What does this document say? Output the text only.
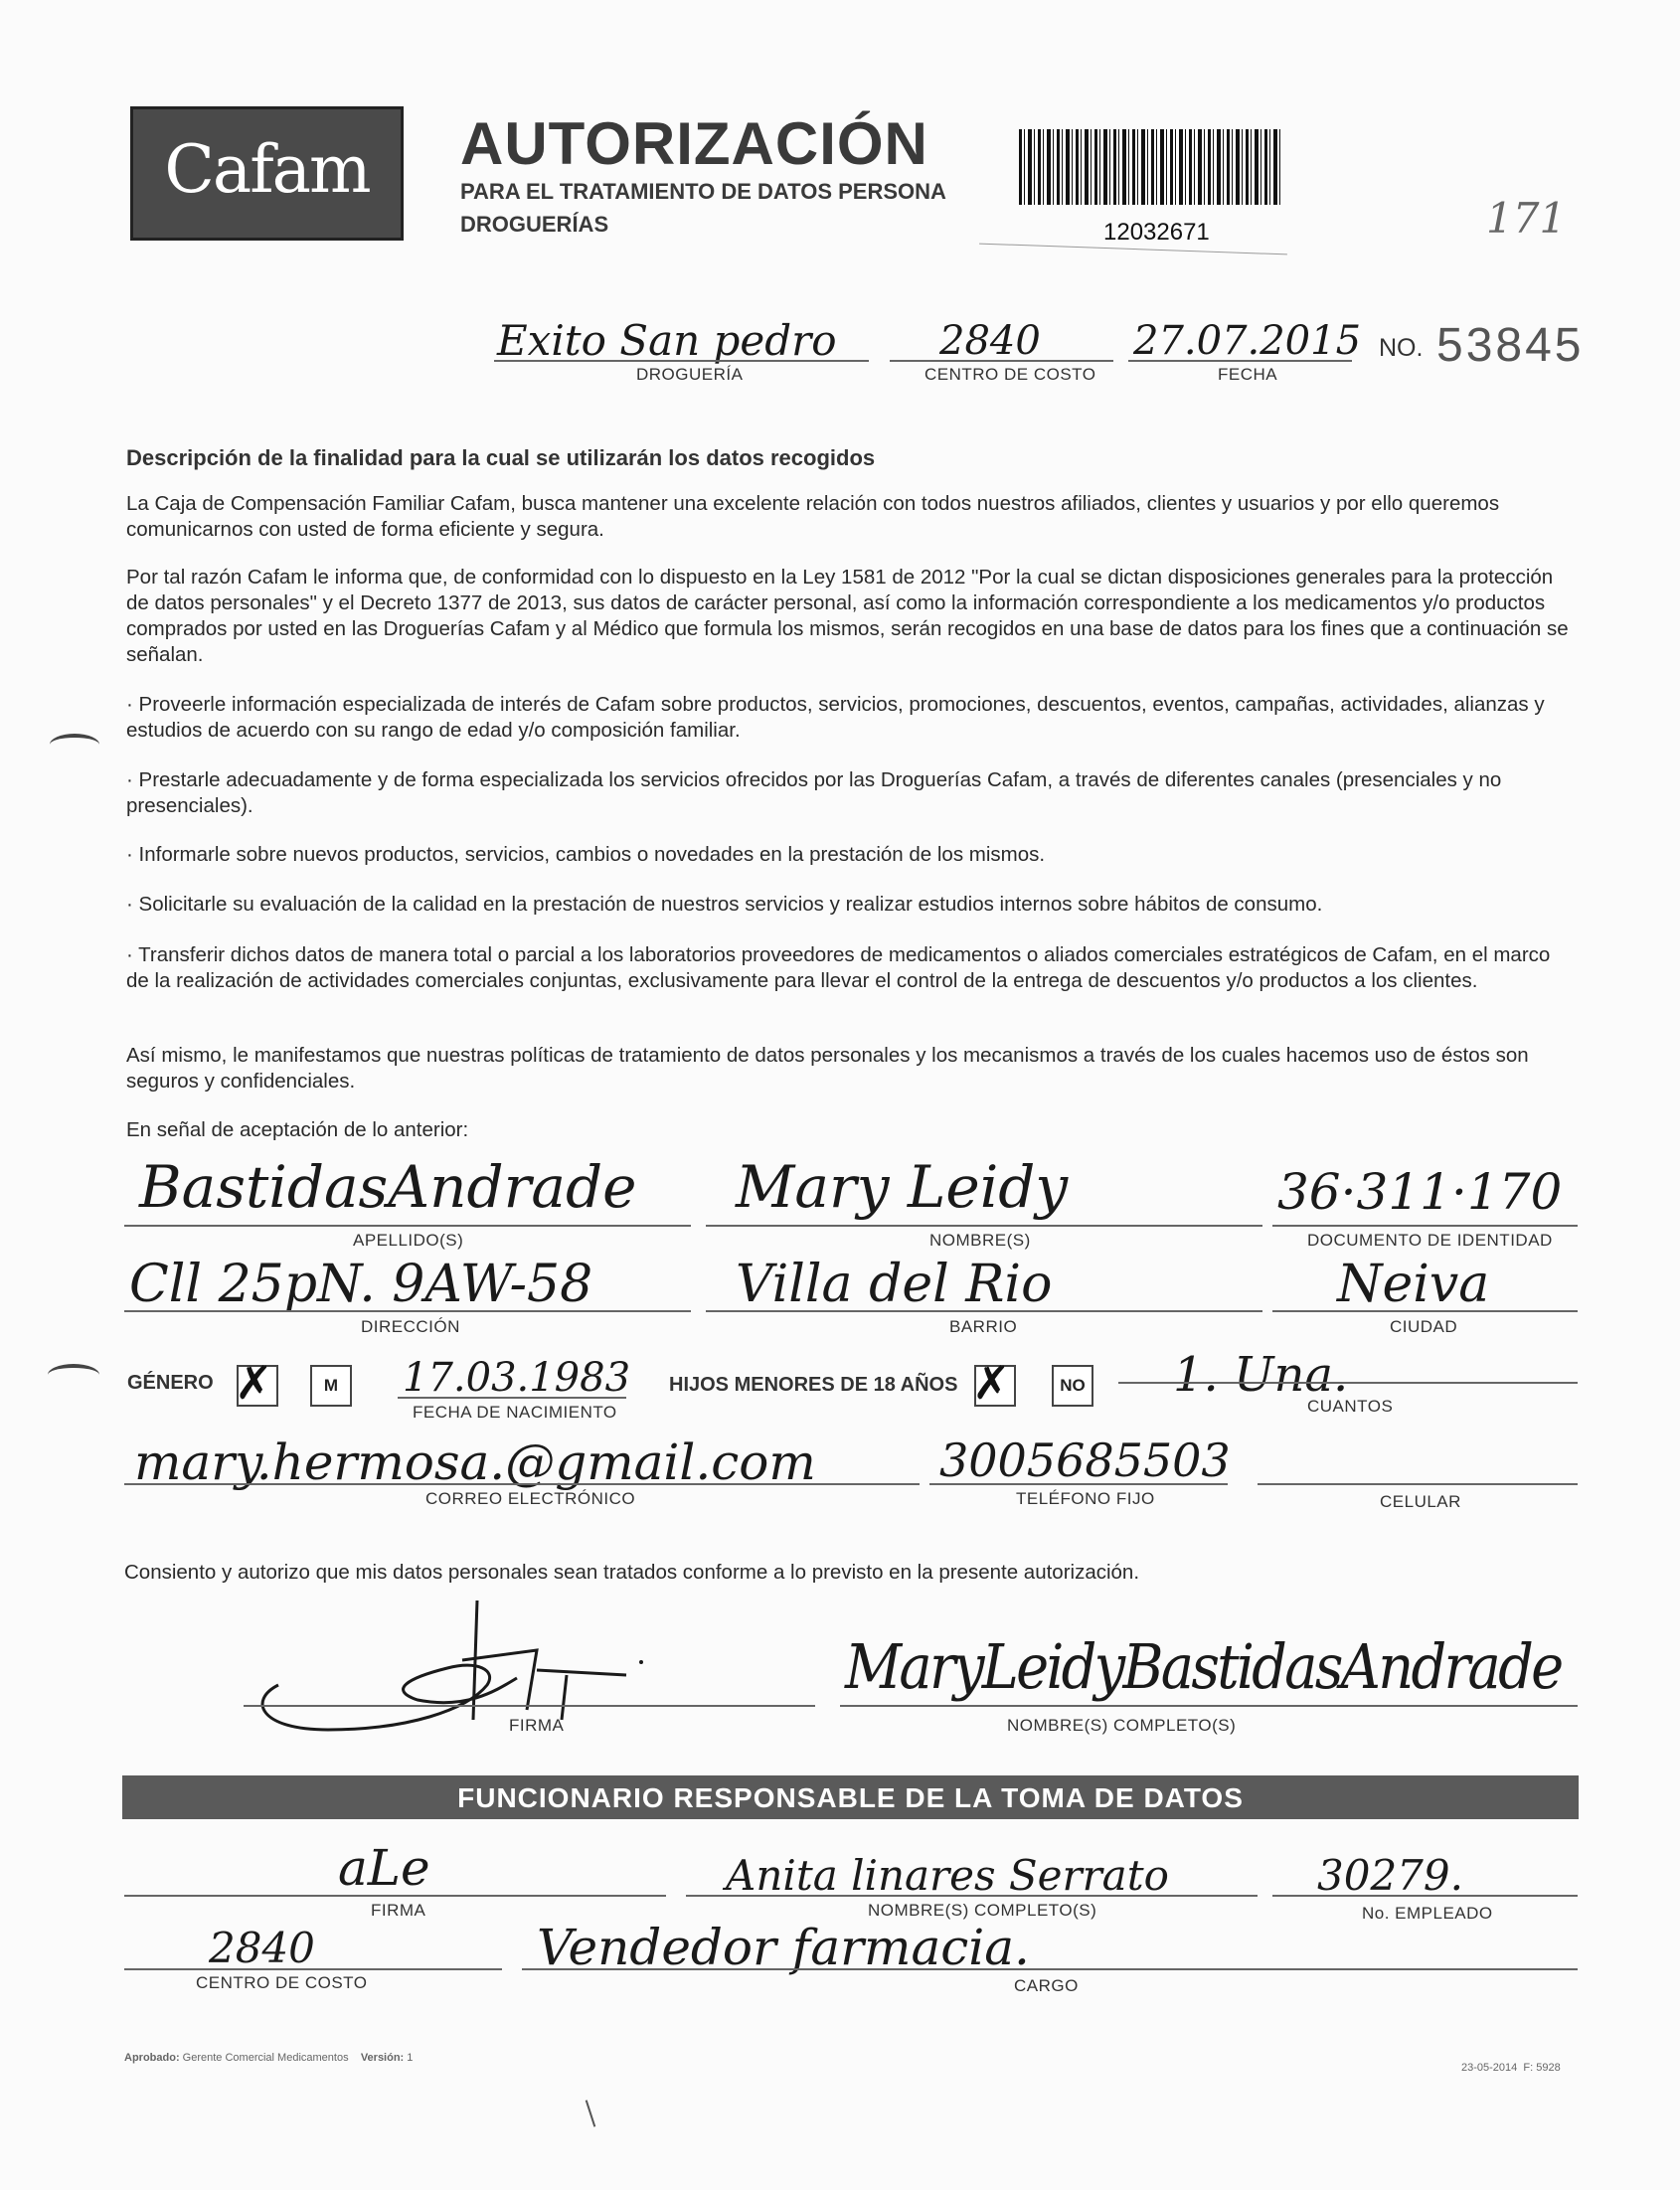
Cafam	AUTORIZACIÓN
PARA EL TRATAMIENTO DE DATOS PERSONA
DROGUERÍAS	12032671	171
Exito San pedro
DROGUERÍA
2840
CENTRO DE COSTO
27.07.2015
FECHA
NO. 53845
Descripción de la finalidad para la cual se utilizarán los datos recogidos
La Caja de Compensación Familiar Cafam, busca mantener una excelente relación con todos nuestros afiliados, clientes y usuarios y por ello queremos comunicarnos con usted de forma eficiente y segura.
Por tal razón Cafam le informa que, de conformidad con lo dispuesto en la Ley 1581 de 2012 "Por la cual se dictan disposiciones generales para la protección de datos personales" y el Decreto 1377 de 2013, sus datos de carácter personal, así como la información correspondiente a los medicamentos y/o productos comprados por usted en las Droguerías Cafam y al Médico que formula los mismos, serán recogidos en una base de datos para los fines que a continuación se señalan.
· Proveerle información especializada de interés de Cafam sobre productos, servicios, promociones, descuentos, eventos, campañas, actividades, alianzas y estudios de acuerdo con su rango de edad y/o composición familiar.
· Prestarle adecuadamente y de forma especializada los servicios ofrecidos por las Droguerías Cafam, a través de diferentes canales (presenciales y no presenciales).
· Informarle sobre nuevos productos, servicios, cambios o novedades en la prestación de los mismos.
· Solicitarle su evaluación de la calidad en la prestación de nuestros servicios y realizar estudios internos sobre hábitos de consumo.
· Transferir dichos datos de manera total o parcial a los laboratorios proveedores de medicamentos o aliados comerciales estratégicos de Cafam, en el marco de la realización de actividades comerciales conjuntas, exclusivamente para llevar el control de la entrega de descuentos y/o productos a los clientes.
Así mismo, le manifestamos que nuestras políticas de tratamiento de datos personales y los mecanismos a través de los cuales hacemos uso de éstos son seguros y confidenciales.
En señal de aceptación de lo anterior:
BastidasAndrade
APELLIDO(S)
Mary Leidy
NOMBRE(S)
36·311·170
DOCUMENTO DE IDENTIDAD
Cll 25pN. 9AW-58
DIRECCIÓN
Villa del Rio
BARRIO
Neiva
CIUDAD
GÉNERO ✗	M	17.03.1983
FECHA DE NACIMIENTO
HIJOS MENORES DE 18 AÑOS ✗	NO 1. Una.
CUANTOS
mary.hermosa.@gmail.com
CORREO ELECTRÓNICO
3005685503
TELÉFONO FIJO	CELULAR
Consiento y autorizo que mis datos personales sean tratados conforme a lo previsto en la presente autorización.
FIRMA
MaryLeidyBastidasAndrade
NOMBRE(S) COMPLETO(S)
FUNCIONARIO RESPONSABLE DE LA TOMA DE DATOS
aLe
FIRMA
Anita linares Serrato
NOMBRE(S) COMPLETO(S)
30279.
No. EMPLEADO
2840
CENTRO DE COSTO
Vendedor farmacia.
CARGO
Aprobado: Gerente Comercial Medicamentos Versión: 1
23-05-2014  F: 5928
